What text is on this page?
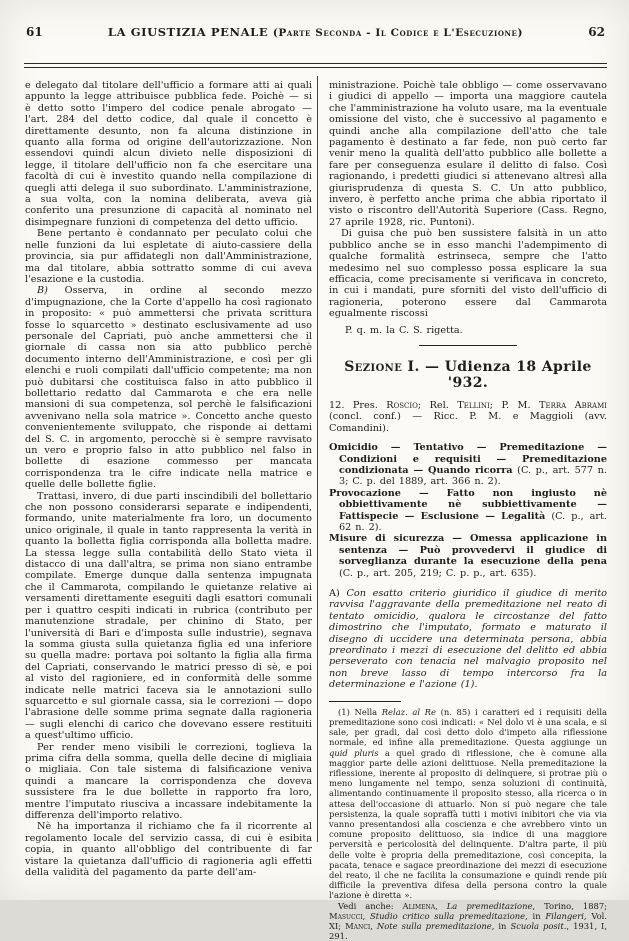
61	LA GIUSTIZIA PENALE (Parte Seconda - Il Codice e L'Esecuzione)	62

e delegato dal titolare dell'ufficio a formare atti ai quali appunto la legge attribuisce pubblica fede. Poichè — si è detto sotto l'impero del codice penale abrogato — l'art. 284 del detto codice, dal quale il concetto è direttamente desunto, non fa alcuna distinzione in quanto alla forma od origine dell'autorizzazione. Non essendovi quindi alcun divieto nelle disposizioni di legge, il titolare dell'ufficio non fa che esercitare una facoltà di cui è investito quando nella compilazione di quegli atti delega il suo subordinato. L'amministrazione, a sua volta, con la nomina deliberata, aveva già conferito una presunzione di capacità al nominato nel disimpegnare funzioni di competenza del detto ufficio.

Bene pertanto è condannato per peculato colui che nelle funzioni da lui espletate di aiuto-cassiere della provincia, sia pur affidategli non dall'Amministrazione, ma dal titolare, abbia sottratto somme di cui aveva l'esazione e la custodia.

B) Osserva, in ordine al secondo mezzo d'impugnazione, che la Corte d'appello ha così ragionato in proposito: « può ammettersi che privata scrittura fosse lo squarcetto » destinato esclusivamente ad uso personale del Capriati, può anche ammettersi che il giornale di cassa non sia atto pubblico perchè documento interno dell'Amministrazione, e così per gli elenchi e ruoli compilati dall'ufficio competente; ma non può dubitarsi che costituisca falso in atto pubblico il bollettario redatto dal Cammarota e che era nelle mansioni di sua competenza, sol perchè le falsificazioni avvenivano nella sola matrice ». Concetto anche questo convenientemente sviluppato, che risponde ai dettami del S. C. in argomento, perocchè si è sempre ravvisato un vero e proprio falso in atto pubblico nel falso in bollette di esazione commesso per mancata corrispondenza tra le cifre indicate nella matrice e quelle delle bollette figlie.

Trattasi, invero, di due parti inscindibili del bollettario che non possono considerarsi separate e indipendenti, formando, unite materialmente fra loro, un documento unico originale, il quale in tanto rappresenta la verità in quanto la bolletta figlia corrisponda alla bolletta madre. La stessa legge sulla contabilità dello Stato vieta il distacco di una dall'altra, se prima non siano entrambe compilate. Emerge dunque dalla sentenza impugnata che il Cammarota, compilando le quietanze relative ai versamenti direttamente eseguiti dagli esattori comunali per i quattro cespiti indicati in rubrica (contributo per manutenzione stradale, per chinino di Stato, per l'università di Bari e d'imposta sulle industrie), segnava la somma giusta sulla quietanza figlia ed una inferiore su quella madre: portava poi soltanto la figlia alla firma del Capriati, conservando le matrici presso di sè, e poi al visto del ragioniere, ed in conformità delle somme indicate nelle matrici faceva sia le annotazioni sullo squarcetto e sul giornale cassa, sia le correzioni — dopo l'abrasione delle somme prima segnate dalla ragioneria — sugli elenchi di carico che dovevano essere restituiti a quest'ultimo ufficio.

Per render meno visibili le correzioni, toglieva la prima cifra della somma, quella delle decine di migliaia o migliaia. Con tale sistema di falsificazione veniva quindi a mancare la corrispondenza che doveva sussistere fra le due bollette in rapporto fra loro, mentre l'imputato riusciva a incassare indebitamente la differenza dell'importo relativo.

Nè ha importanza il richiamo che fa il ricorrente al regolamento locale del servizio cassa, di cui è esibita copia, in quanto all'obbligo del contribuente di far vistare la quietanza dall'ufficio di ragioneria agli effetti della validità del pagamento da parte dell'am-

ministrazione. Poichè tale obbligo — come osservavano i giudici di appello — importa una maggiore cautela che l'amministrazione ha voluto usare, ma la eventuale omissione del visto, che è successivo al pagamento e quindi anche alla compilazione dell'atto che tale pagamento è destinato a far fede, non può certo far venir meno la qualità dell'atto pubblico alle bollette a fare per conseguenza esulare il delitto di falso. Così ragionando, i predetti giudici si attenevano altresì alla giurisprudenza di questa S. C. Un atto pubblico, invero, è perfetto anche prima che abbia riportato il visto o riscontro dell'Autorità Superiore (Cass. Regno, 27 aprile 1928, ric. Puntoni).

Di guisa che può ben sussistere falsità in un atto pubblico anche se in esso manchi l'adempimento di qualche formalità estrinseca, sempre che l'atto medesimo nel suo complesso possa esplicare la sua efficacia, come precisamente si verificava in concreto, in cui i mandati, pure sforniti del visto dell'ufficio di ragioneria, poterono essere dal Cammarota egualmente riscossi

P. q. m. la C. S. rigetta.

Sezione I. — Udienza 18 Aprile '932.

12. Pres. Roscio; Rel. Tellini; P. M. Terra Abrami (concl. conf.) — Ricc. P. M. e Maggioli (avv. Comandini).

Omicidio — Tentativo — Premeditazione — Condizioni e requisiti — Premeditazione condizionata — Quando ricorra (C. p., art. 577 n. 3; C. p. del 1889, art. 366 n. 2).

Provocazione — Fatto non ingiusto nè obbiettivamente nè subbiettivamente — Fattispecie — Esclusione — Legalità (C. p., art. 62 n. 2).

Misure di sicurezza — Omessa applicazione in sentenza — Può provvedervi il giudice di sorveglianza durante la esecuzione della pena (C. p., art. 205, 219; C. p. p., art. 635).

A) Con esatto criterio giuridico il giudice di merito ravvisa l'aggravante della premeditazione nel reato di tentato omicidio, qualora le circostanze del fatto dimostrino che l'imputato, formato e maturato il disegno di uccidere una determinata persona, abbia preordinato i mezzi di esecuzione del delitto ed abbia perseverato con tenacia nel malvagio proposito nel non breve lasso di tempo intercorso fra la determinazione e l'azione (1).

(1) Nella Relaz. al Re (n. 85) i caratteri ed i requisiti della premeditazione sono così indicati: « Nel dolo vi è una scala, e si sale, per gradi, dal così detto dolo d'impeto alla riflessione normale, ed infine alla premeditazione. Questa aggiunge un quid pluris a quel grado di riflessione, che è comune alla maggior parte delle azioni delittuose. Nella premeditazione la riflessione, inerente al proposito di delinquere, si protrae più o meno lungamente nel tempo, senza soluzioni di continuità, alimentando continuamente il proposito stesso, alla ricerca o in attesa dell'occasione di attuarlo. Non si può negare che tale persistenza, la quale sopraffà tutti i motivi inibitori che via via vanno presentandosi alla coscienza e che avrebbero vinto un comune proposito delittuoso, sia indice di una maggiore perversità e pericolosità del delinquente. D'altra parte, il più delle volte è propria della premeditazione, così concepita, la pacata, tenace e sagace preordinazione dei mezzi di esecuzione del reato, il che ne facilita la consumazione e quindi rende più difficile la preventiva difesa della persona contro la quale l'azione è diretta ».

Vedi anche: Alimena, La premeditazione, Torino, 1887; Masucci, Studio critico sulla premeditazione, in Filangeri, Vol. XI; Manci, Note sulla premeditazione, in Scuola posit., 1931, I, 291.
